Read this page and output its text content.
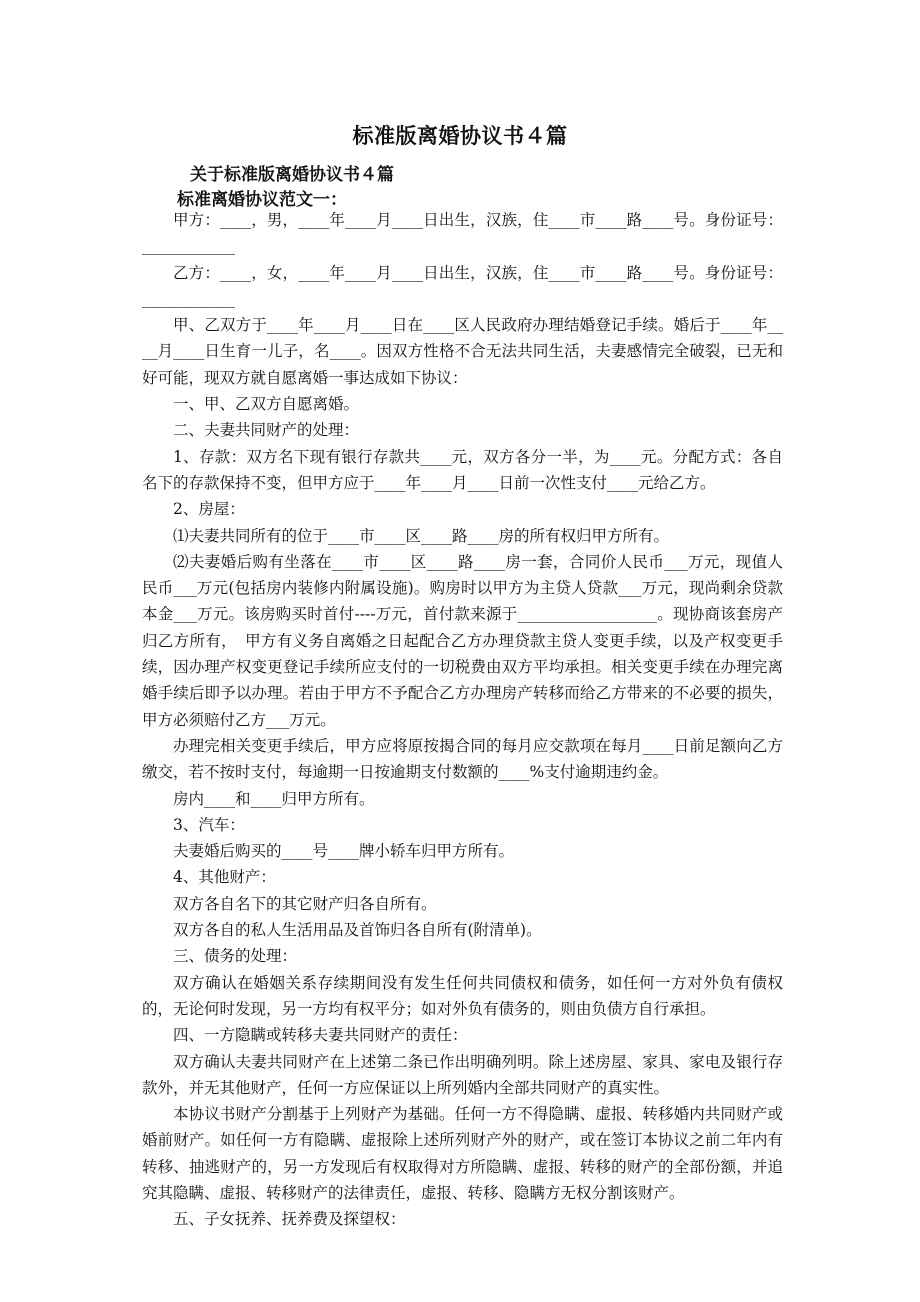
标准版离婚协议书４篇
关于标准版离婚协议书４篇
标准离婚协议范文一：

甲方：____，男，____年____月____日出生，汉族，住____市____路____号。身份证号：____________

乙方：____，女，____年____月____日出生，汉族，住____市____路____号。身份证号：____________

甲、乙双方于____年____月____日在____区人民政府办理结婚登记手续。婚后于____年____月____日生育一儿子，名____。因双方性格不合无法共同生活，夫妻感情完全破裂，已无和好可能，现双方就自愿离婚一事达成如下协议：

一、甲、乙双方自愿离婚。

二、夫妻共同财产的处理：

1、存款：双方名下现有银行存款共____元，双方各分一半，为____元。分配方式：各自名下的存款保持不变，但甲方应于____年____月____日前一次性支付____元给乙方。

2、房屋：

⑴夫妻共同所有的位于____市____区____路____房的所有权归甲方所有。

⑵夫妻婚后购有坐落在____市____区____路____房一套，合同价人民币___万元，现值人民币___万元(包括房内装修内附属设施)。购房时以甲方为主贷人贷款___万元，现尚剩余贷款本金___万元。该房购买时首付----万元，首付款来源于__________________。现协商该套房产归乙方所有，　甲方有义务自离婚之日起配合乙方办理贷款主贷人变更手续，以及产权变更手续，因办理产权变更登记手续所应支付的一切税费由双方平均承担。相关变更手续在办理完离婚手续后即予以办理。若由于甲方不予配合乙方办理房产转移而给乙方带来的不必要的损失，甲方必须赔付乙方___万元。

办理完相关变更手续后，甲方应将原按揭合同的每月应交款项在每月____日前足额向乙方缴交，若不按时支付，每逾期一日按逾期支付数额的____%支付逾期违约金。

房内____和____归甲方所有。

3、汽车：

夫妻婚后购买的____号____牌小轿车归甲方所有。

4、其他财产：

双方各自名下的其它财产归各自所有。

双方各自的私人生活用品及首饰归各自所有(附清单)。

三、债务的处理：

双方确认在婚姻关系存续期间没有发生任何共同债权和债务，如任何一方对外负有债权的，无论何时发现，另一方均有权平分；如对外负有债务的，则由负债方自行承担。

四、一方隐瞒或转移夫妻共同财产的责任：

双方确认夫妻共同财产在上述第二条已作出明确列明。除上述房屋、家具、家电及银行存款外，并无其他财产，任何一方应保证以上所列婚内全部共同财产的真实性。

本协议书财产分割基于上列财产为基础。任何一方不得隐瞒、虚报、转移婚内共同财产或婚前财产。如任何一方有隐瞒、虚报除上述所列财产外的财产，或在签订本协议之前二年内有转移、抽逃财产的，另一方发现后有权取得对方所隐瞒、虚报、转移的财产的全部份额，并追究其隐瞒、虚报、转移财产的法律责任，虚报、转移、隐瞒方无权分割该财产。

五、子女抚养、抚养费及探望权：
